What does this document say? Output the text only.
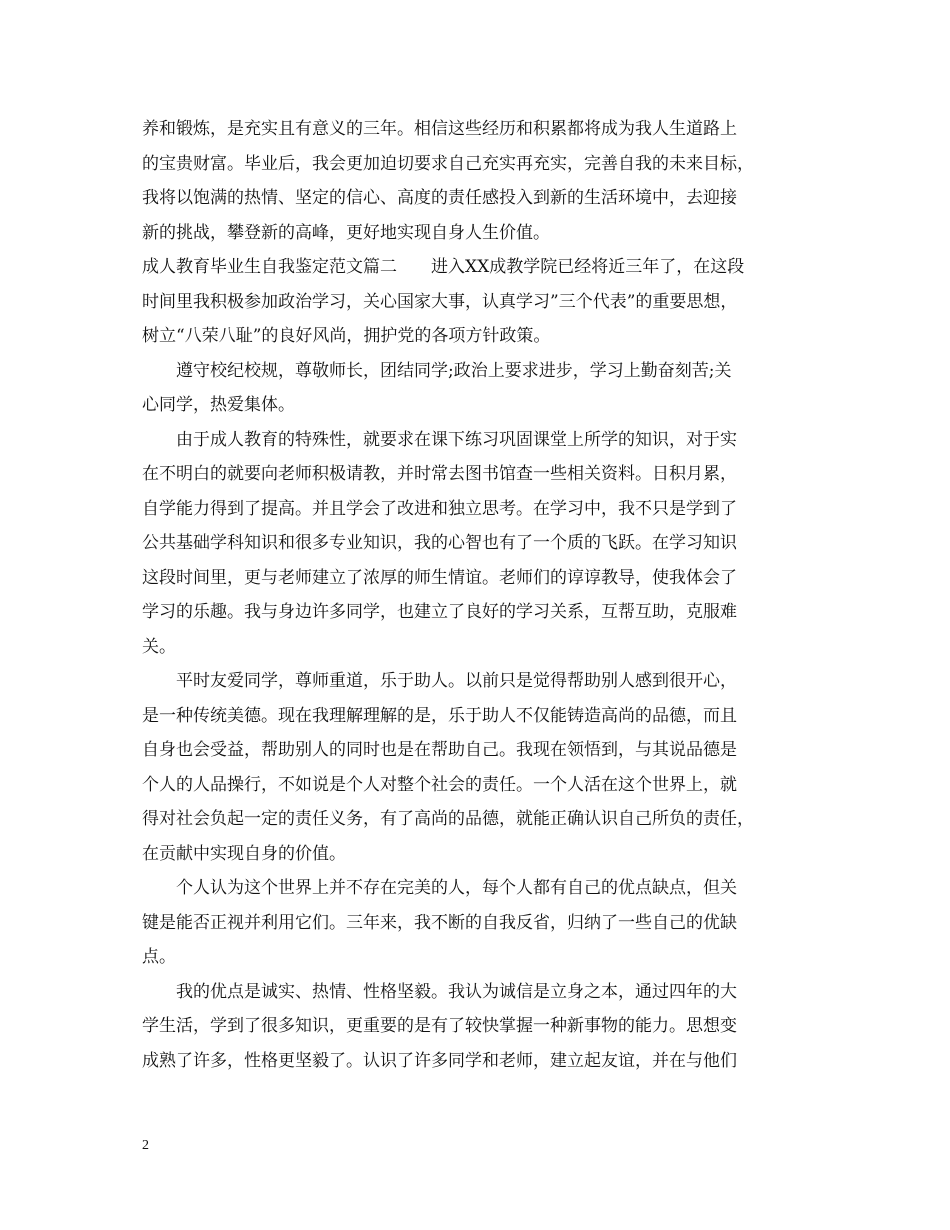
养和锻炼，是充实且有意义的三年。相信这些经历和积累都将成为我人生道路上
的宝贵财富。毕业后，我会更加迫切要求自己充实再充实，完善自我的未来目标，
我将以饱满的热情、坚定的信心、高度的责任感投入到新的生活环境中，去迎接
新的挑战，攀登新的高峰，更好地实现自身人生价值。
成人教育毕业生自我鉴定范文篇二　　进入XX成教学院已经将近三年了，在这段
时间里我积极参加政治学习，关心国家大事，认真学习”三个代表”的重要思想，
树立“八荣八耻”的良好风尚，拥护党的各项方针政策。
遵守校纪校规，尊敬师长，团结同学;政治上要求进步，学习上勤奋刻苦;关
心同学，热爱集体。
由于成人教育的特殊性，就要求在课下练习巩固课堂上所学的知识，对于实
在不明白的就要向老师积极请教，并时常去图书馆查一些相关资料。日积月累，
自学能力得到了提高。并且学会了改进和独立思考。在学习中，我不只是学到了
公共基础学科知识和很多专业知识，我的心智也有了一个质的飞跃。在学习知识
这段时间里，更与老师建立了浓厚的师生情谊。老师们的谆谆教导，使我体会了
学习的乐趣。我与身边许多同学，也建立了良好的学习关系，互帮互助，克服难
关。
平时友爱同学，尊师重道，乐于助人。以前只是觉得帮助别人感到很开心，
是一种传统美德。现在我理解理解的是，乐于助人不仅能铸造高尚的品德，而且
自身也会受益，帮助别人的同时也是在帮助自己。我现在领悟到，与其说品德是
个人的人品操行，不如说是个人对整个社会的责任。一个人活在这个世界上，就
得对社会负起一定的责任义务，有了高尚的品德，就能正确认识自己所负的责任，
在贡献中实现自身的价值。
个人认为这个世界上并不存在完美的人，每个人都有自己的优点缺点，但关
键是能否正视并利用它们。三年来，我不断的自我反省，归纳了一些自己的优缺
点。
我的优点是诚实、热情、性格坚毅。我认为诚信是立身之本，通过四年的大
学生活，学到了很多知识，更重要的是有了较快掌握一种新事物的能力。思想变
成熟了许多，性格更坚毅了。认识了许多同学和老师，建立起友谊，并在与他们
2
